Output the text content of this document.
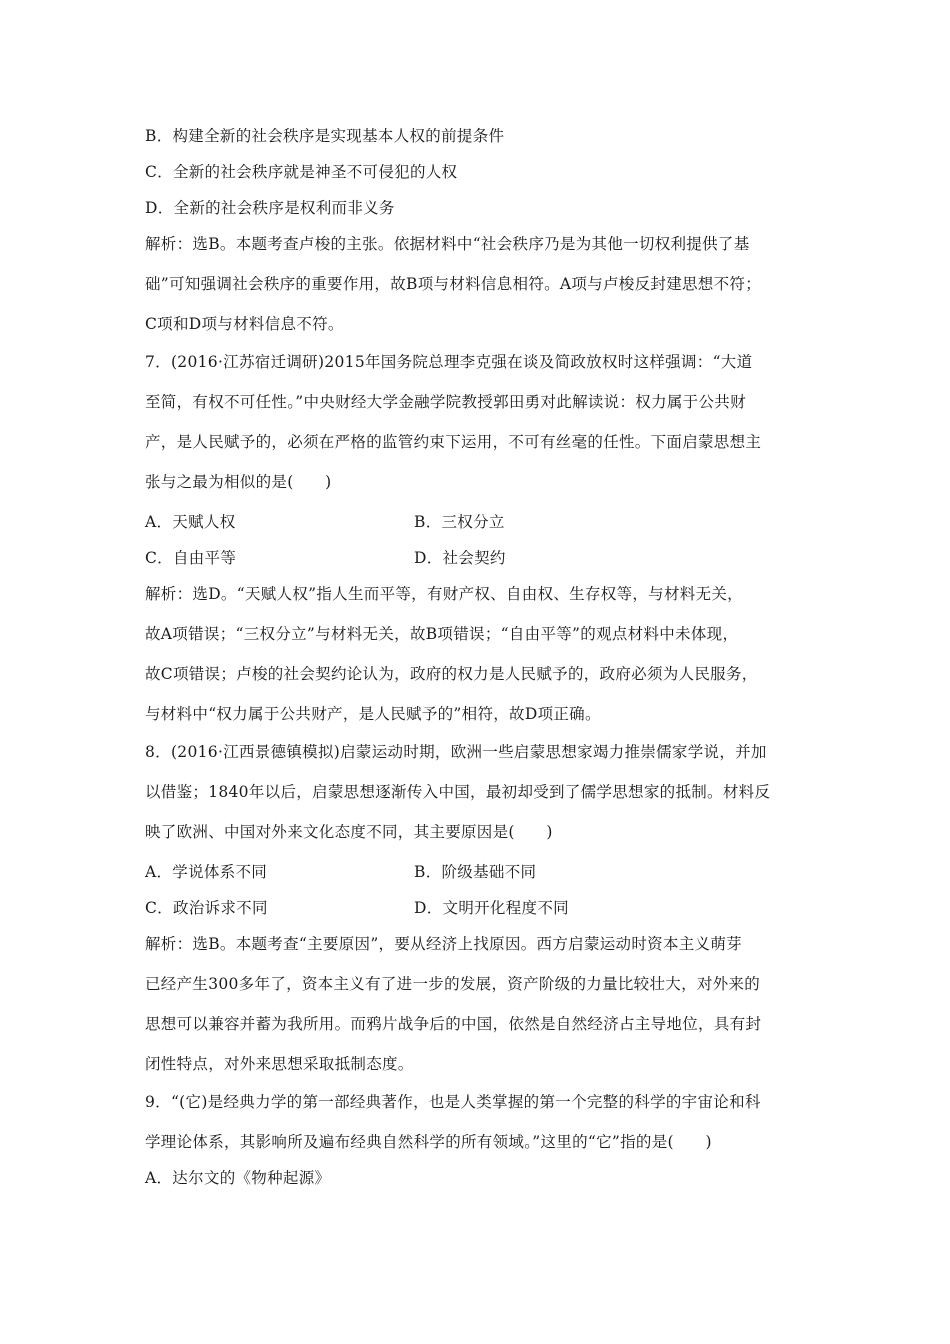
B．构建全新的社会秩序是实现基本人权的前提条件
C．全新的社会秩序就是神圣不可侵犯的人权
D．全新的社会秩序是权利而非义务
解析：选B。本题考查卢梭的主张。依据材料中“社会秩序乃是为其他一切权利提供了基
础”可知强调社会秩序的重要作用，故B项与材料信息相符。A项与卢梭反封建思想不符；
C项和D项与材料信息不符。
7．(2016·江苏宿迁调研)2015年国务院总理李克强在谈及简政放权时这样强调：“大道
至简，有权不可任性。”中央财经大学金融学院教授郭田勇对此解读说：权力属于公共财
产，是人民赋予的，必须在严格的监管约束下运用，不可有丝毫的任性。下面启蒙思想主
张与之最为相似的是(　　)
A．天赋人权	B．三权分立
C．自由平等	D．社会契约
解析：选D。“天赋人权”指人生而平等，有财产权、自由权、生存权等，与材料无关，
故A项错误；“三权分立”与材料无关，故B项错误；“自由平等”的观点材料中未体现，
故C项错误；卢梭的社会契约论认为，政府的权力是人民赋予的，政府必须为人民服务，
与材料中“权力属于公共财产，是人民赋予的”相符，故D项正确。
8．(2016·江西景德镇模拟)启蒙运动时期，欧洲一些启蒙思想家竭力推崇儒家学说，并加
以借鉴；1840年以后，启蒙思想逐渐传入中国，最初却受到了儒学思想家的抵制。材料反
映了欧洲、中国对外来文化态度不同，其主要原因是(　　)
A．学说体系不同	B．阶级基础不同
C．政治诉求不同	D．文明开化程度不同
解析：选B。本题考查“主要原因”，要从经济上找原因。西方启蒙运动时资本主义萌芽
已经产生300多年了，资本主义有了进一步的发展，资产阶级的力量比较壮大，对外来的
思想可以兼容并蓄为我所用。而鸦片战争后的中国，依然是自然经济占主导地位，具有封
闭性特点，对外来思想采取抵制态度。
9．“(它)是经典力学的第一部经典著作，也是人类掌握的第一个完整的科学的宇宙论和科
学理论体系，其影响所及遍布经典自然科学的所有领域。”这里的“它”指的是(　　)
A．达尔文的《物种起源》
